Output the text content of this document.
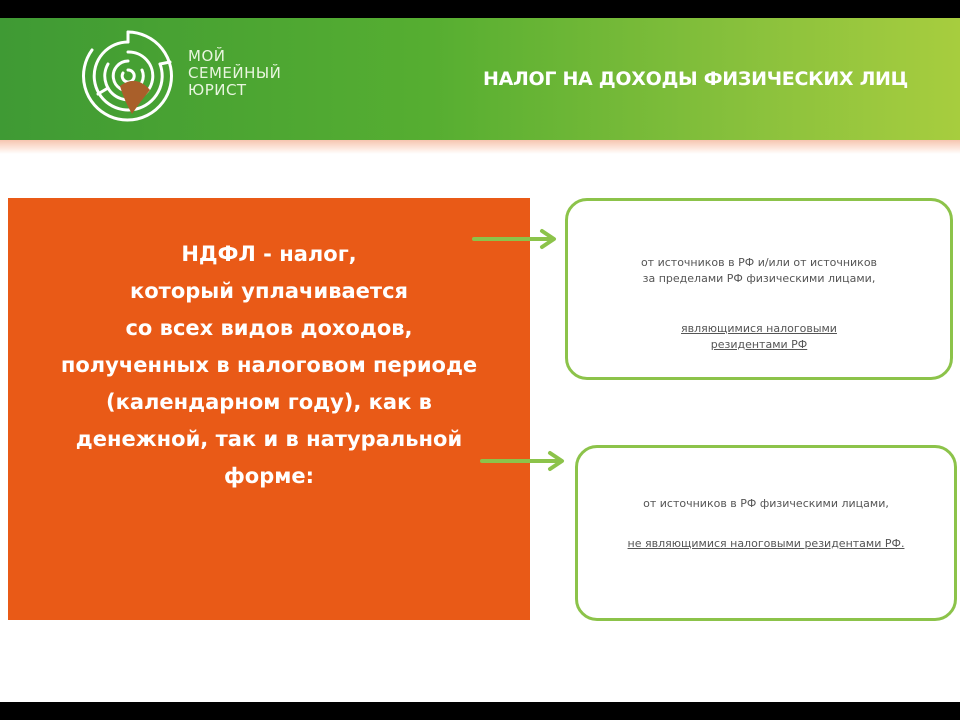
МОЙ
СЕМЕЙНЫЙ
ЮРИСТ	НАЛОГ НА ДОХОДЫ ФИЗИЧЕСКИХ ЛИЦ
НДФЛ - налог,
который уплачивается
со всех видов доходов,
полученных в налоговом периоде
(календарном году), как в
денежной, так и в натуральной
форме:
от источников в РФ и/или от источников
за пределами РФ физическими лицами,
являющимися налоговыми
резидентами РФ
от источников в РФ физическими лицами,
не являющимися налоговыми резидентами РФ.
